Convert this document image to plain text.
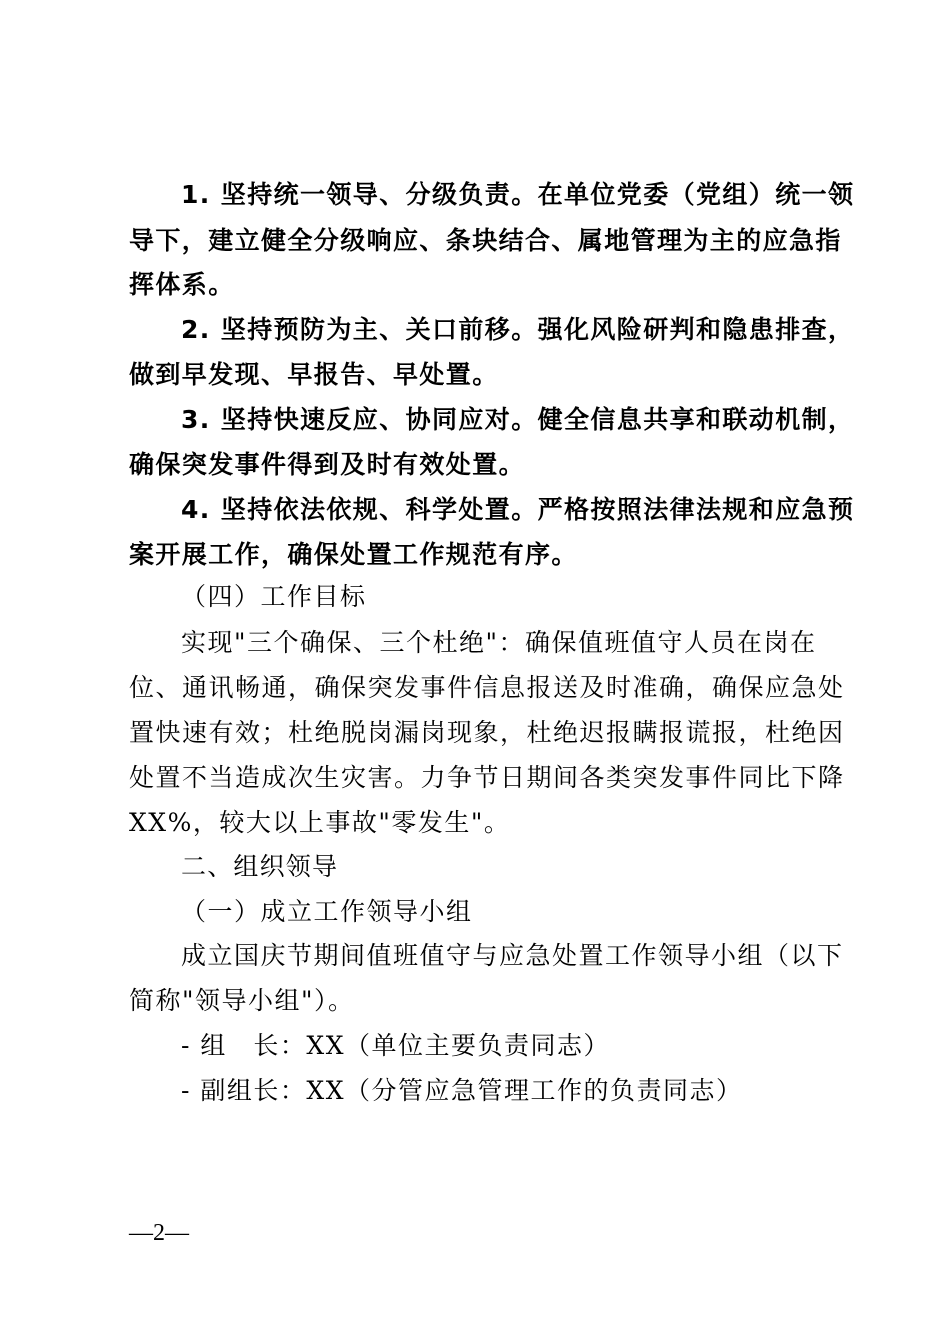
1. 坚持统一领导、分级负责。在单位党委（党组）统一领
导下，建立健全分级响应、条块结合、属地管理为主的应急指
挥体系。
2. 坚持预防为主、关口前移。强化风险研判和隐患排查，
做到早发现、早报告、早处置。
3. 坚持快速反应、协同应对。健全信息共享和联动机制，
确保突发事件得到及时有效处置。
4. 坚持依法依规、科学处置。严格按照法律法规和应急预
案开展工作，确保处置工作规范有序。
（四）工作目标
实现"三个确保、三个杜绝"：确保值班值守人员在岗在
位、通讯畅通，确保突发事件信息报送及时准确，确保应急处
置快速有效；杜绝脱岗漏岗现象，杜绝迟报瞒报谎报，杜绝因
处置不当造成次生灾害。力争节日期间各类突发事件同比下降
XX%，较大以上事故"零发生"。
二、组织领导
（一）成立工作领导小组
成立国庆节期间值班值守与应急处置工作领导小组（以下
简称"领导小组"）。
- 组　长：XX（单位主要负责同志）
- 副组长：XX（分管应急管理工作的负责同志）
—2—
